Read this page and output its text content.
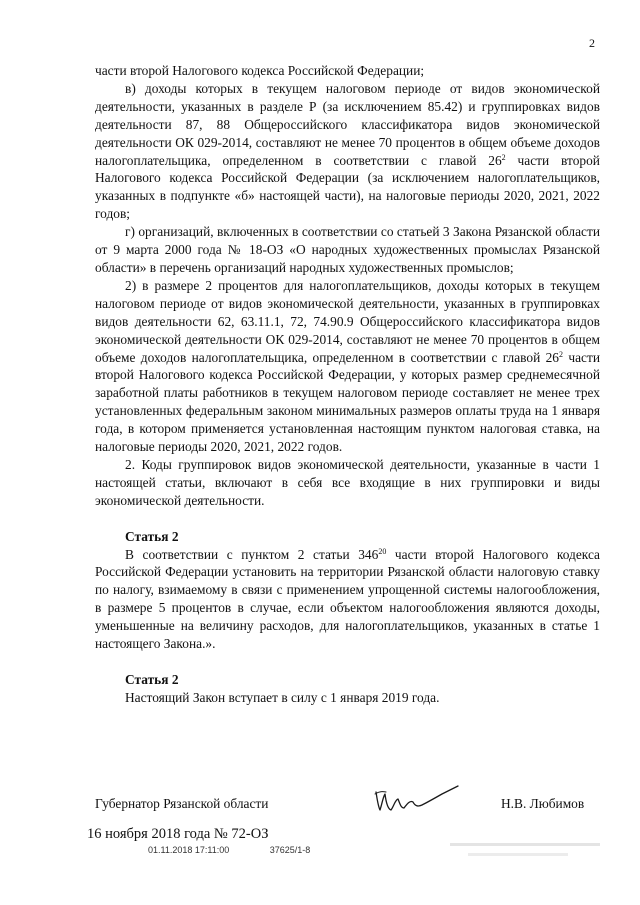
2

части второй Налогового кодекса Российской Федерации;

в) доходы которых в текущем налоговом периоде от видов экономической деятельности, указанных в разделе Р (за исключением 85.42) и группировках видов деятельности 87, 88 Общероссийского классификатора видов экономической деятельности ОК 029-2014, составляют не менее 70 процентов в общем объеме доходов налогоплательщика, определенном в соответствии с главой $26^2$ части второй Налогового кодекса Российской Федерации (за исключением налогоплательщиков, указанных в подпункте «б» настоящей части), на налоговые периоды 2020, 2021, 2022 годов;

г) организаций, включенных в соответствии со статьей 3 Закона Рязанской области от 9 марта 2000 года № 18-ОЗ «О народных художественных промыслах Рязанской области» в перечень организаций народных художественных промыслов;

2) в размере 2 процентов для налогоплательщиков, доходы которых в текущем налоговом периоде от видов экономической деятельности, указанных в группировках видов деятельности 62, 63.11.1, 72, 74.90.9 Общероссийского классификатора видов экономической деятельности ОК 029-2014, составляют не менее 70 процентов в общем объеме доходов налогоплательщика, определенном в соответствии с главой $26^2$ части второй Налогового кодекса Российской Федерации, у которых размер среднемесячной заработной платы работников в текущем налоговом периоде составляет не менее трех установленных федеральным законом минимальных размеров оплаты труда на 1 января года, в котором применяется установленная настоящим пунктом налоговая ставка, на налоговые периоды 2020, 2021, 2022 годов.

2. Коды группировок видов экономической деятельности, указанные в части 1 настоящей статьи, включают в себя все входящие в них группировки и виды экономической деятельности.

Статья 2

В соответствии с пунктом 2 статьи $346^{20}$ части второй Налогового кодекса Российской Федерации установить на территории Рязанской области налоговую ставку по налогу, взимаемому в связи с применением упрощенной системы налогообложения, в размере 5 процентов в случае, если объектом налогообложения являются доходы, уменьшенные на величину расходов, для налогоплательщиков, указанных в статье 1 настоящего Закона.».

Статья 2

Настоящий Закон вступает в силу с 1 января 2019 года.

Губернатор Рязанской области	Н.В. Любимов
16 ноября 2018 года № 72-ОЗ
01.11.2018 17:11:00	37625/1-8
